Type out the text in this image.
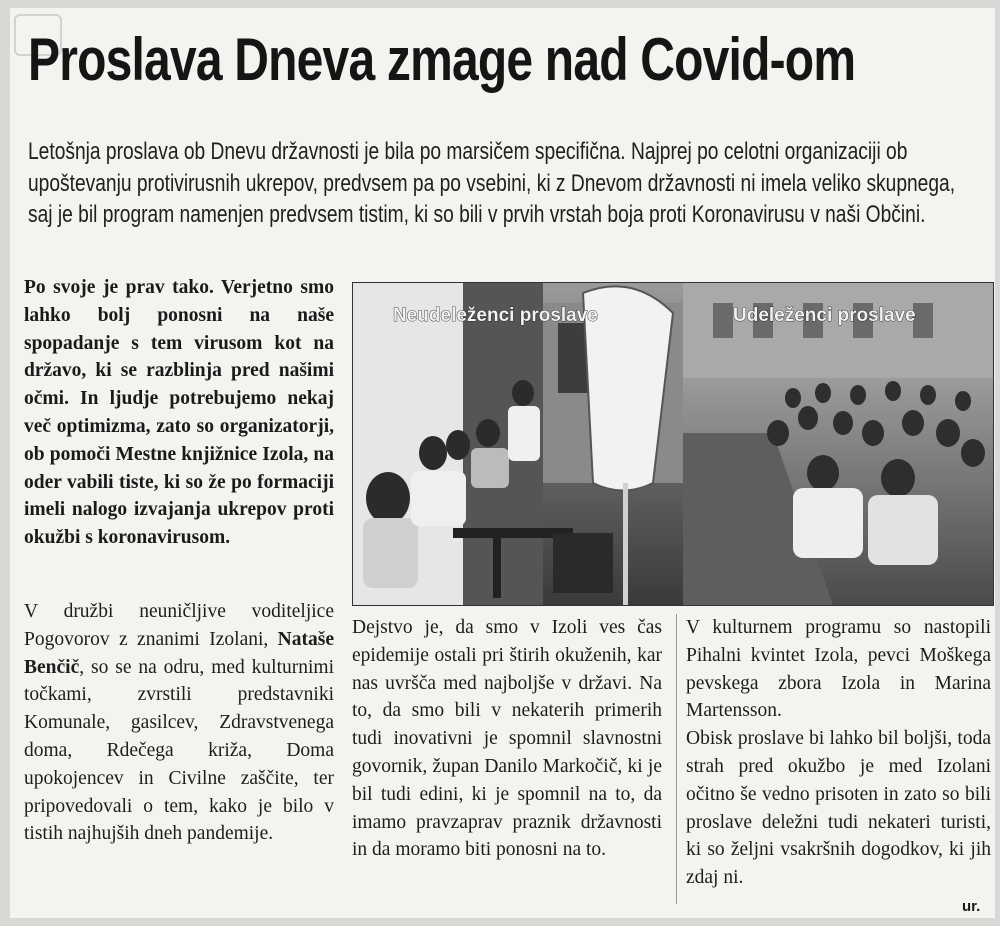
Proslava Dneva zmage nad Covid-om
Letošnja proslava ob Dnevu državnosti je bila po marsičem specifična. Najprej po celotni organizaciji ob upoštevanju protivirusnih ukrepov, predvsem pa po vsebini, ki z Dnevom državnosti ni imela veliko skupnega, saj je bil program namenjen predvsem tistim, ki so bili v prvih vrstah boja proti Koronavirusu v naši Občini.
Po svoje je prav tako. Verjetno smo lahko bolj ponosni na naše spopadanje s tem virusom kot na državo, ki se razblinja pred našimi očmi. In ljudje potrebujemo nekaj več optimizma, zato so organizatorji, ob pomoči Mestne knjižnice Izola, na oder vabili tiste, ki so že po formaciji imeli nalogo izvajanja ukrepov proti okužbi s koronavirusom.

V družbi neuničljive voditeljice Pogovorov z znanimi Izolani, Nataše Benčič, so se na odru, med kulturnimi točkami, zvrstili predstavniki Komunale, gasilcev, Zdravstvenega doma, Rdečega križa, Doma upokojencev in Civilne zaščite, ter pripovedovali o tem, kako je bilo v tistih najhujših dneh pandemije.

Neudeleženci proslave	Udeleženci proslave

Dejstvo je, da smo v Izoli ves čas epidemije ostali pri štirih okuženih, kar nas uvršča med najboljše v državi. Na to, da smo bili v nekaterih primerih tudi inovativni je spomnil slavnostni govornik, župan Danilo Markočič, ki je bil tudi edini, ki je spomnil na to, da imamo pravzaprav praznik državnosti in da moramo biti ponosni na to.

V kulturnem programu so nastopili Pihalni kvintet Izola, pevci Moškega pevskega zbora Izola in Marina Martensson.

Obisk proslave bi lahko bil boljši, toda strah pred okužbo je med Izolani očitno še vedno prisoten in zato so bili proslave deležni tudi nekateri turisti, ki so željni vsakršnih dogodkov, ki jih zdaj ni.

ur.
